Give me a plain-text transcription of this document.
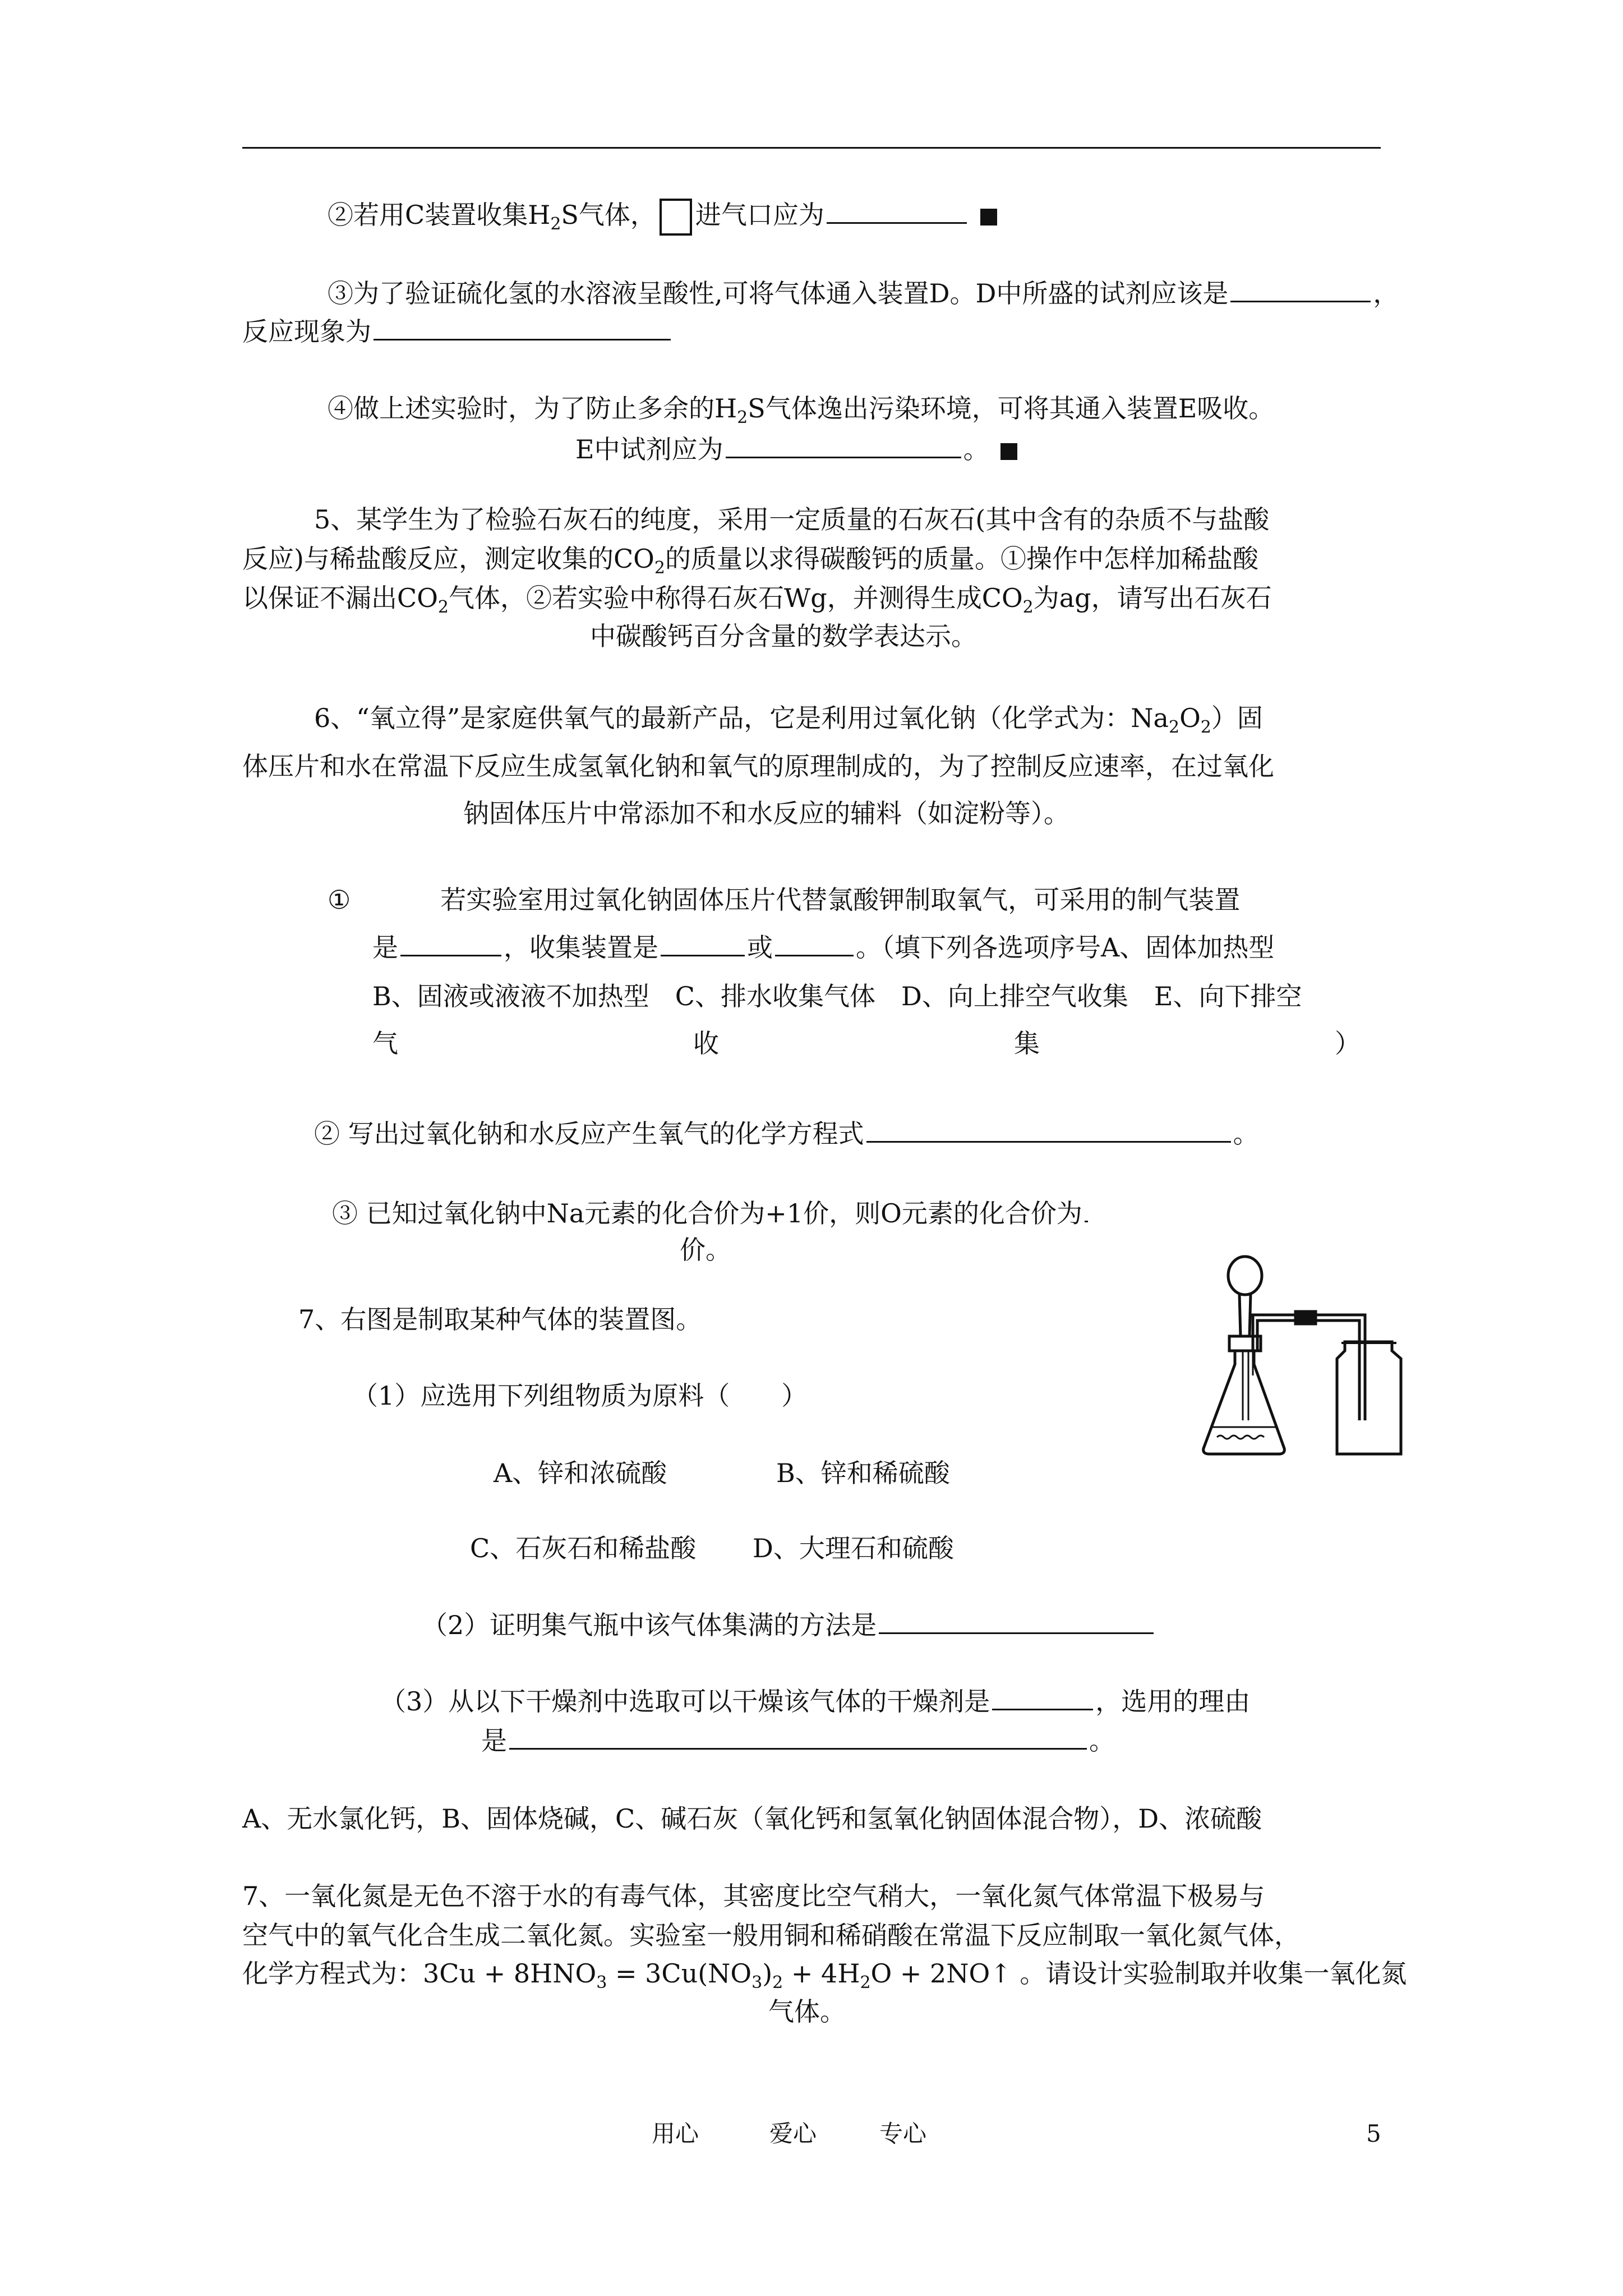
②若用C装置收集$H_2S$气体， 进气口应为
③为了验证硫化氢的水溶液呈酸性,可将气体通入装置D。D中所盛的试剂应该是	，
反应现象为
④做上述实验时，为了防止多余的$H_2S$气体逸出污染环境，可将其通入装置E吸收。
E中试剂应为	。
5、某学生为了检验石灰石的纯度，采用一定质量的石灰石(其中含有的杂质不与盐酸
反应)与稀盐酸反应，测定收集的$CO_2$的质量以求得碳酸钙的质量。①操作中怎样加稀盐酸
以保证不漏出$CO_2$气体，②若实验中称得石灰石Wg，并测得生成$CO_2$为ag，请写出石灰石
中碳酸钙百分含量的数学表达示。
6、“氧立得”是家庭供氧气的最新产品，它是利用过氧化钠（化学式为：$Na_2O_2$）固
体压片和水在常温下反应生成氢氧化钠和氧气的原理制成的，为了控制反应速率，在过氧化
钠固体压片中常添加不和水反应的辅料（如淀粉等）。
①	若实验室用过氧化钠固体压片代替氯酸钾制取氧气，可采用的制气装置
是	，收集装置是	或	。（填下列各选项序号A、固体加热型
B、固液或液液不加热型　C、排水收集气体　D、向上排空气收集　E、向下排空
气	收	集	）
② 写出过氧化钠和水反应产生氧气的化学方程式	。
③ 已知过氧化钠中Na元素的化合价为+1价，则O元素的化合价为
价。
7、右图是制取某种气体的装置图。
（1）应选用下列组物质为原料（　　）
A、锌和浓硫酸	B、锌和稀硫酸
C、石灰石和稀盐酸 D、大理石和硫酸
（2）证明集气瓶中该气体集满的方法是
（3）从以下干燥剂中选取可以干燥该气体的干燥剂是	，选用的理由
是	。
A、无水氯化钙，B、固体烧碱，C、碱石灰（氧化钙和氢氧化钠固体混合物），D、浓硫酸
7、一氧化氮是无色不溶于水的有毒气体，其密度比空气稍大，一氧化氮气体常温下极易与
空气中的氧气化合生成二氧化氮。实验室一般用铜和稀硝酸在常温下反应制取一氧化氮气体，
化学方程式为：$3Cu + 8HNO_3 = 3Cu(NO_3)_2 + 4H_2O$ + 2NO↑ 。请设计实验制取并收集一氧化氮
气体。
用心	爱心	专心	5
